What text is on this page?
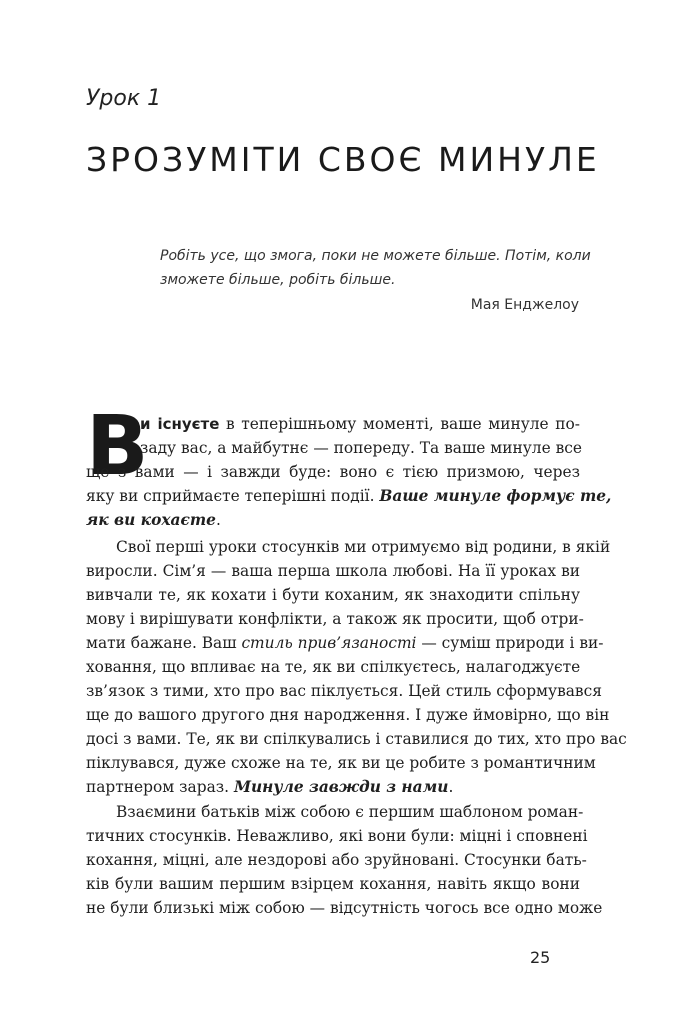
Урок 1
ЗРОЗУМІТИ СВОЄ МИНУЛЕ
Робіть усе, що змога, поки не можете більше. Потім, коли
зможете більше, робіть більше.
Мая Енджелоу
В
и існуєте в теперішньому моменті, ваше минуле по-
заду вас, а майбутнє — попереду. Та ваше минуле все
ще з вами — і завжди буде: воно є тією призмою, через
яку ви сприймаєте теперішні події. Ваше минуле формує те,
як ви кохаєте.
Свої перші уроки стосунків ми отримуємо від родини, в якій
виросли. Сім’я — ваша перша школа любові. На її уроках ви
вивчали те, як кохати і бути коханим, як знаходити спільну
мову і вирішувати конфлікти, а також як просити, щоб отри-
мати бажане. Ваш стиль прив’язаності — суміш природи і ви-
ховання, що впливає на те, як ви спілкуєтесь, налагоджуєте
зв’язок з тими, хто про вас піклується. Цей стиль сформувався
ще до вашого другого дня народження. І дуже ймовірно, що він
досі з вами. Те, як ви спілкувались і ставилися до тих, хто про вас
піклувався, дуже схоже на те, як ви це робите з романтичним
партнером зараз. Минуле завжди з нами.
Взаємини батьків між собою є першим шаблоном роман-
тичних стосунків. Неважливо, які вони були: міцні і сповнені
кохання, міцні, але нездорові або зруйновані. Стосунки бать-
ків були вашим першим взірцем кохання, навіть якщо вони
не були близькі між собою — відсутність чогось все одно може
25
